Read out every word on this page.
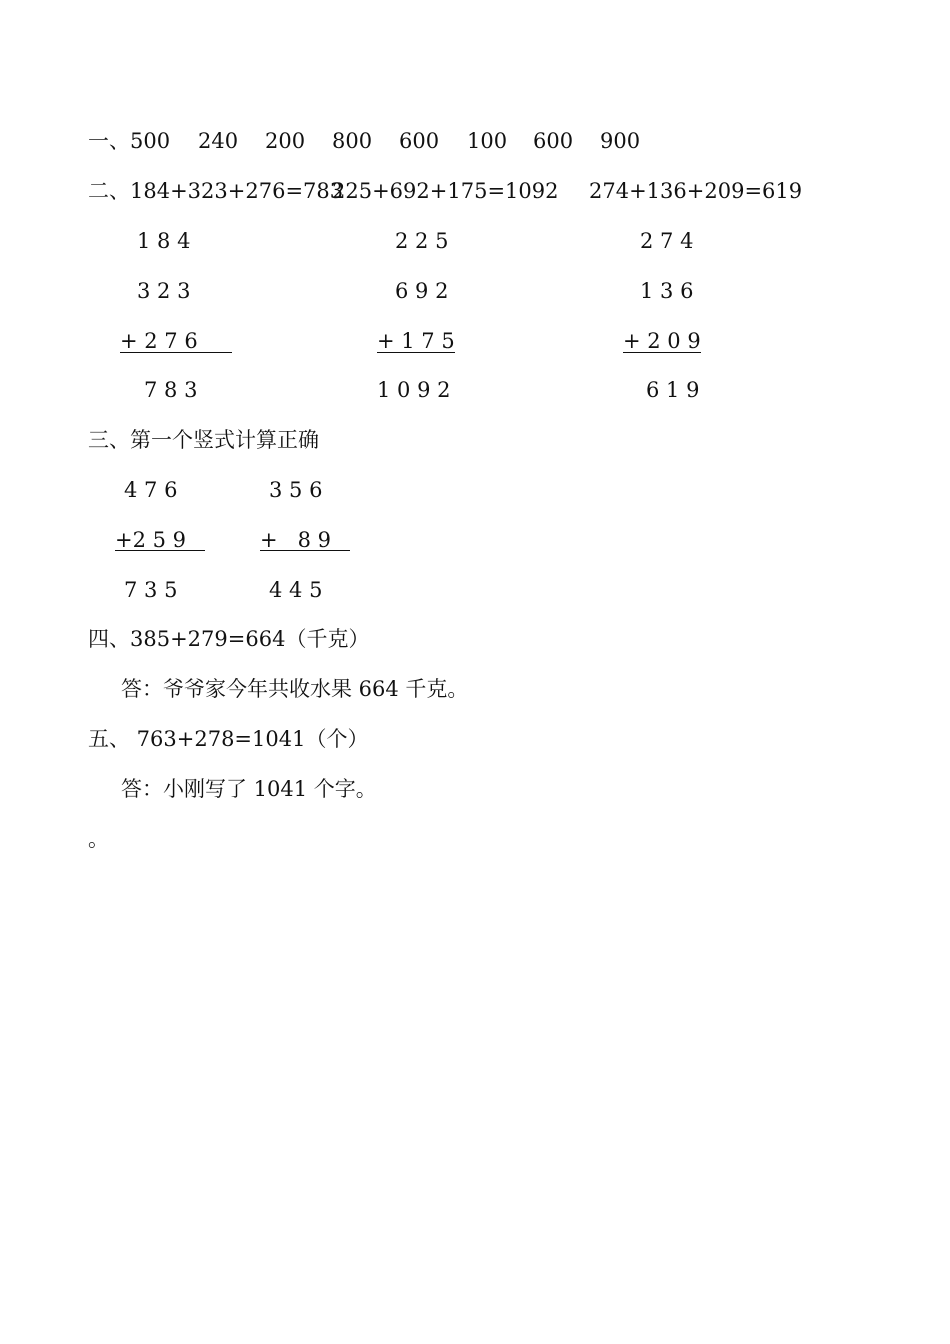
一、500 240 200 800 600 100 600 900
二、184+323+276=783
225+692+175=1092 274+136+209=619
1 8 4
3 2 3
+ 2 7 6
7 8 3
2 2 5
6 9 2
+ 1 7 5
1 0 9 2
2 7 4
1 3 6
+ 2 0 9
6 1 9
三、第一个竖式计算正确
4 7 6
+2 5 9
7 3 5
3 5 6
+   8 9
4 4 5
四、385+279=664（千克）
答：爷爷家今年共收水果 664 千克。
五、 763+278=1041（个）
答：小刚写了 1041 个字。
。
